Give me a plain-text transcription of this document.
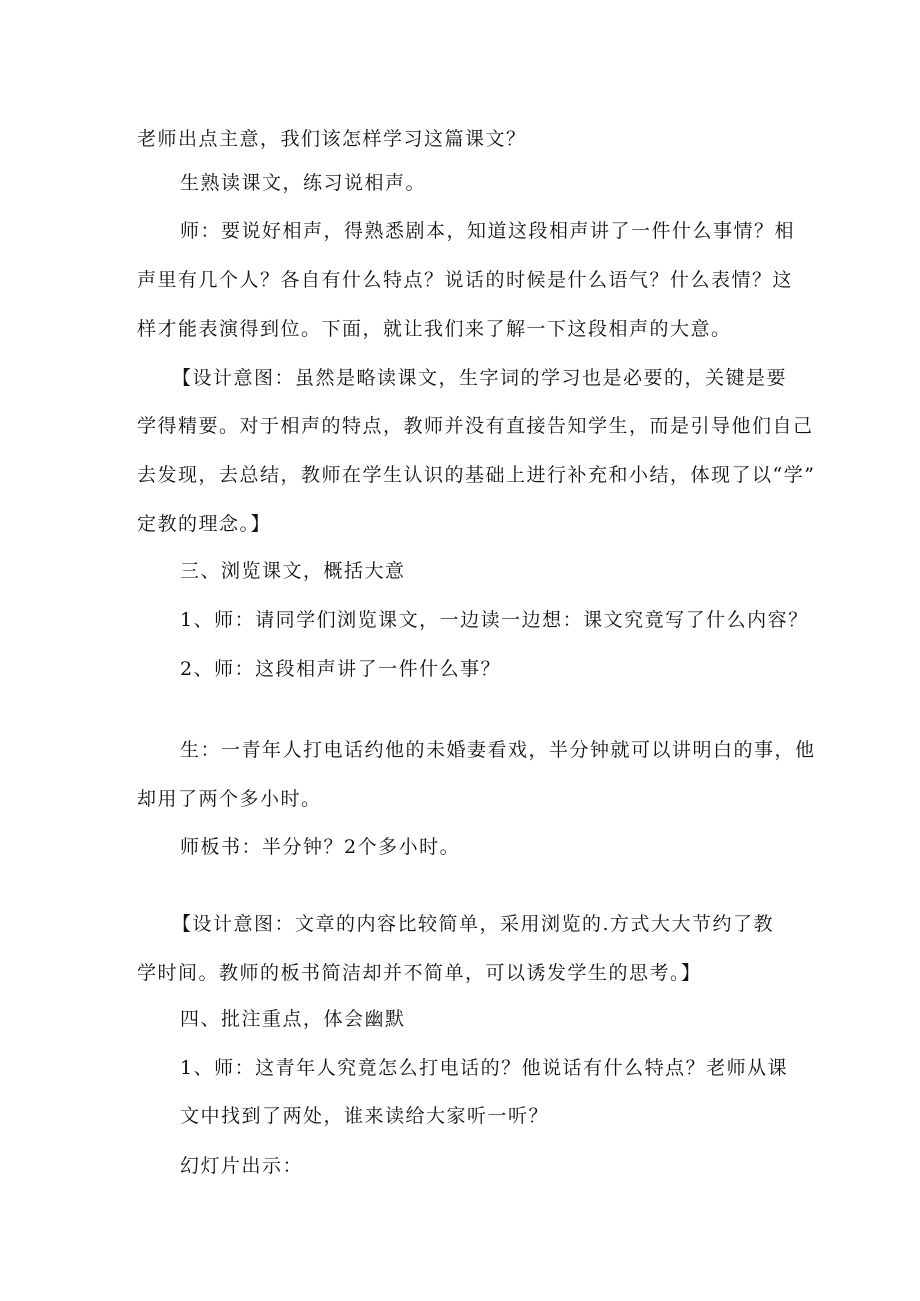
老师出点主意，我们该怎样学习这篇课文？
生熟读课文，练习说相声。
师：要说好相声，得熟悉剧本，知道这段相声讲了一件什么事情？相
声里有几个人？各自有什么特点？说话的时候是什么语气？什么表情？这
样才能表演得到位。下面，就让我们来了解一下这段相声的大意。
【设计意图：虽然是略读课文，生字词的学习也是必要的，关键是要
学得精要。对于相声的特点，教师并没有直接告知学生，而是引导他们自己
去发现，去总结，教师在学生认识的基础上进行补充和小结，体现了以“学”
定教的理念。】
三、浏览课文，概括大意
1、师：请同学们浏览课文，一边读一边想：课文究竟写了什么内容？
2、师：这段相声讲了一件什么事？
生：一青年人打电话约他的未婚妻看戏，半分钟就可以讲明白的事，他
却用了两个多小时。
师板书：半分钟？2个多小时。
【设计意图：文章的内容比较简单，采用浏览的.方式大大节约了教
学时间。教师的板书简洁却并不简单，可以诱发学生的思考。】
四、批注重点，体会幽默
1、师：这青年人究竟怎么打电话的？他说话有什么特点？老师从课
文中找到了两处，谁来读给大家听一听？
幻灯片出示：
